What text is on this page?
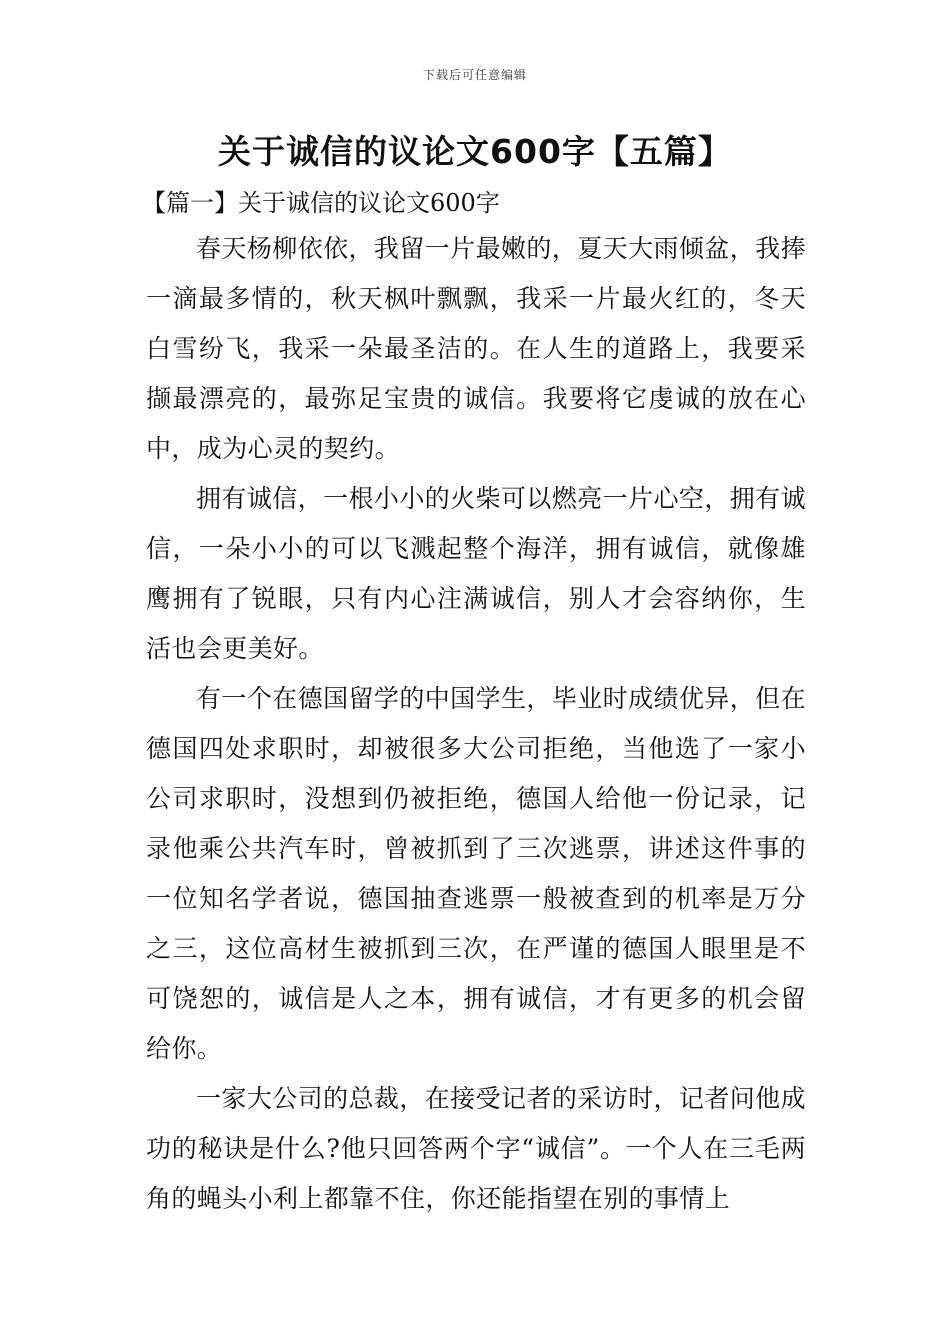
下载后可任意编辑
关于诚信的议论文600字【五篇】
【篇一】关于诚信的议论文600字

春天杨柳依依，我留一片最嫩的，夏天大雨倾盆，我捧一滴最多情的，秋天枫叶飘飘，我采一片最火红的，冬天白雪纷飞，我采一朵最圣洁的。在人生的道路上，我要采撷最漂亮的，最弥足宝贵的诚信。我要将它虔诚的放在心中，成为心灵的契约。

拥有诚信，一根小小的火柴可以燃亮一片心空，拥有诚信，一朵小小的可以飞溅起整个海洋，拥有诚信，就像雄鹰拥有了锐眼，只有内心注满诚信，别人才会容纳你，生活也会更美好。

有一个在德国留学的中国学生，毕业时成绩优异，但在德国四处求职时，却被很多大公司拒绝，当他选了一家小公司求职时，没想到仍被拒绝，德国人给他一份记录，记录他乘公共汽车时，曾被抓到了三次逃票，讲述这件事的一位知名学者说，德国抽查逃票一般被查到的机率是万分之三，这位高材生被抓到三次，在严谨的德国人眼里是不可饶恕的，诚信是人之本，拥有诚信，才有更多的机会留给你。

一家大公司的总裁，在接受记者的采访时，记者问他成功的秘诀是什么?他只回答两个字“诚信”。一个人在三毛两角的蝇头小利上都靠不住，你还能指望在别的事情上
